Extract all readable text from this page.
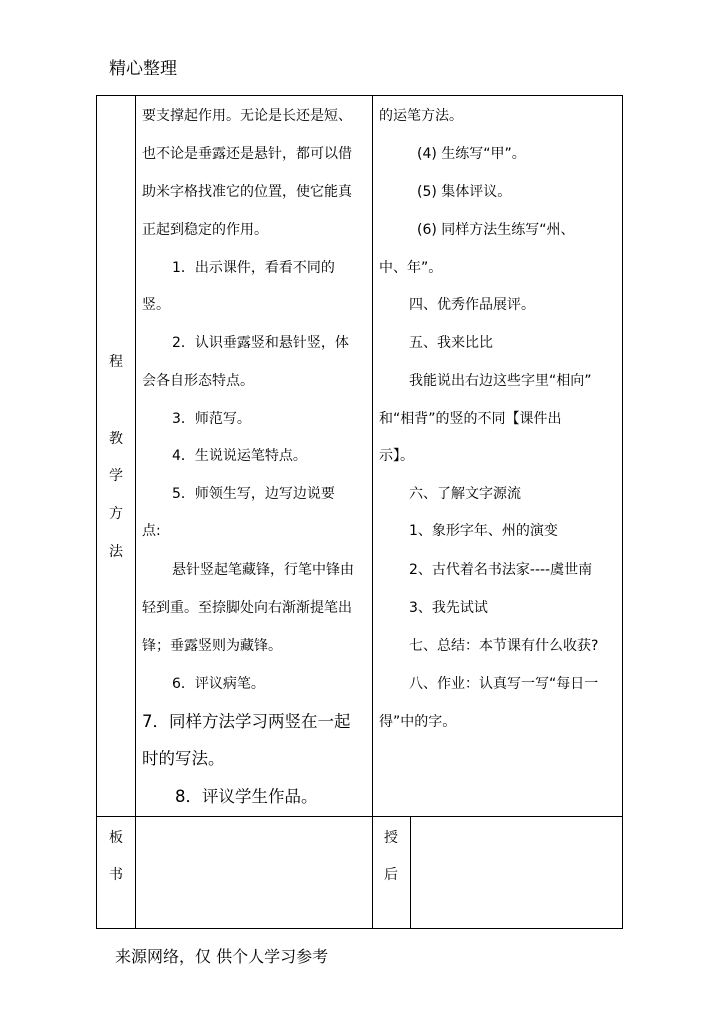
精心整理
程
教
学
方
法
要支撑起作用。无论是长还是短、
也不论是垂露还是悬针，都可以借
助米字格找准它的位置，使它能真
正起到稳定的作用。
1．出示课件，看看不同的
竖。
2．认识垂露竖和悬针竖，体
会各自形态特点。
3．师范写。
4．生说说运笔特点。
5．师领生写，边写边说要
点:
悬针竖起笔藏锋，行笔中锋由
轻到重。至捺脚处向右渐渐提笔出
锋；垂露竖则为藏锋。
6．评议病笔。
7．同样方法学习两竖在一起
时的写法。
8．评议学生作品。
的运笔方法。
(4) 生练写“甲”。
(5) 集体评议。
(6) 同样方法生练写“州、
中、年”。
四、优秀作品展评。
五、我来比比
我能说出右边这些字里“相向”
和“相背”的竖的不同【课件出
示】。
六、了解文字源流
1、象形字年、州的演变
2、古代着名书法家----虞世南
3、我先试试
七、总结：本节课有什么收获?
八、作业：认真写一写“每日一
得”中的字。
板
书
授
后
来源网络，仅 供个人学习参考
